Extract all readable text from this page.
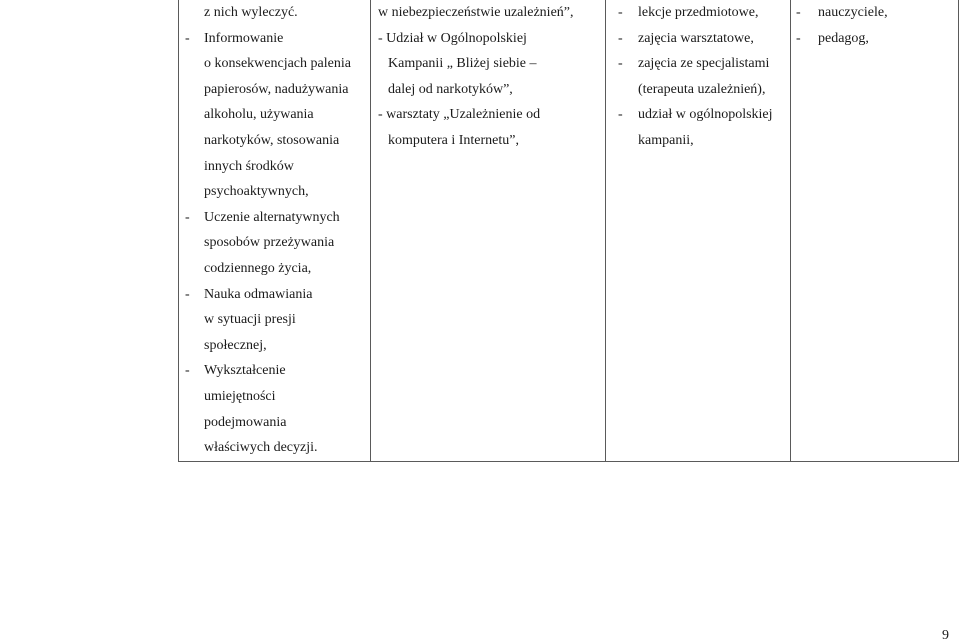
z nich wyleczyć.
- Informowanie
o konsekwencjach palenia
papierosów, nadużywania
alkoholu, używania
narkotyków, stosowania
innych środków
psychoaktywnych,
- Uczenie alternatywnych
sposobów przeżywania
codziennego życia,
- Nauka odmawiania
w sytuacji presji
społecznej,
- Wykształcenie
umiejętności
podejmowania
właściwych decyzji.

w niebezpieczeństwie uzależnień”,
- Udział w Ogólnopolskiej
Kampanii „ Bliżej siebie –
dalej od narkotyków”,
- warsztaty „Uzależnienie od
komputera i Internetu”,

- lekcje przedmiotowe,
- zajęcia warsztatowe,
- zajęcia ze specjalistami
(terapeuta uzależnień),
- udział w ogólnopolskiej
kampanii,

- nauczyciele,
- pedagog,
9
